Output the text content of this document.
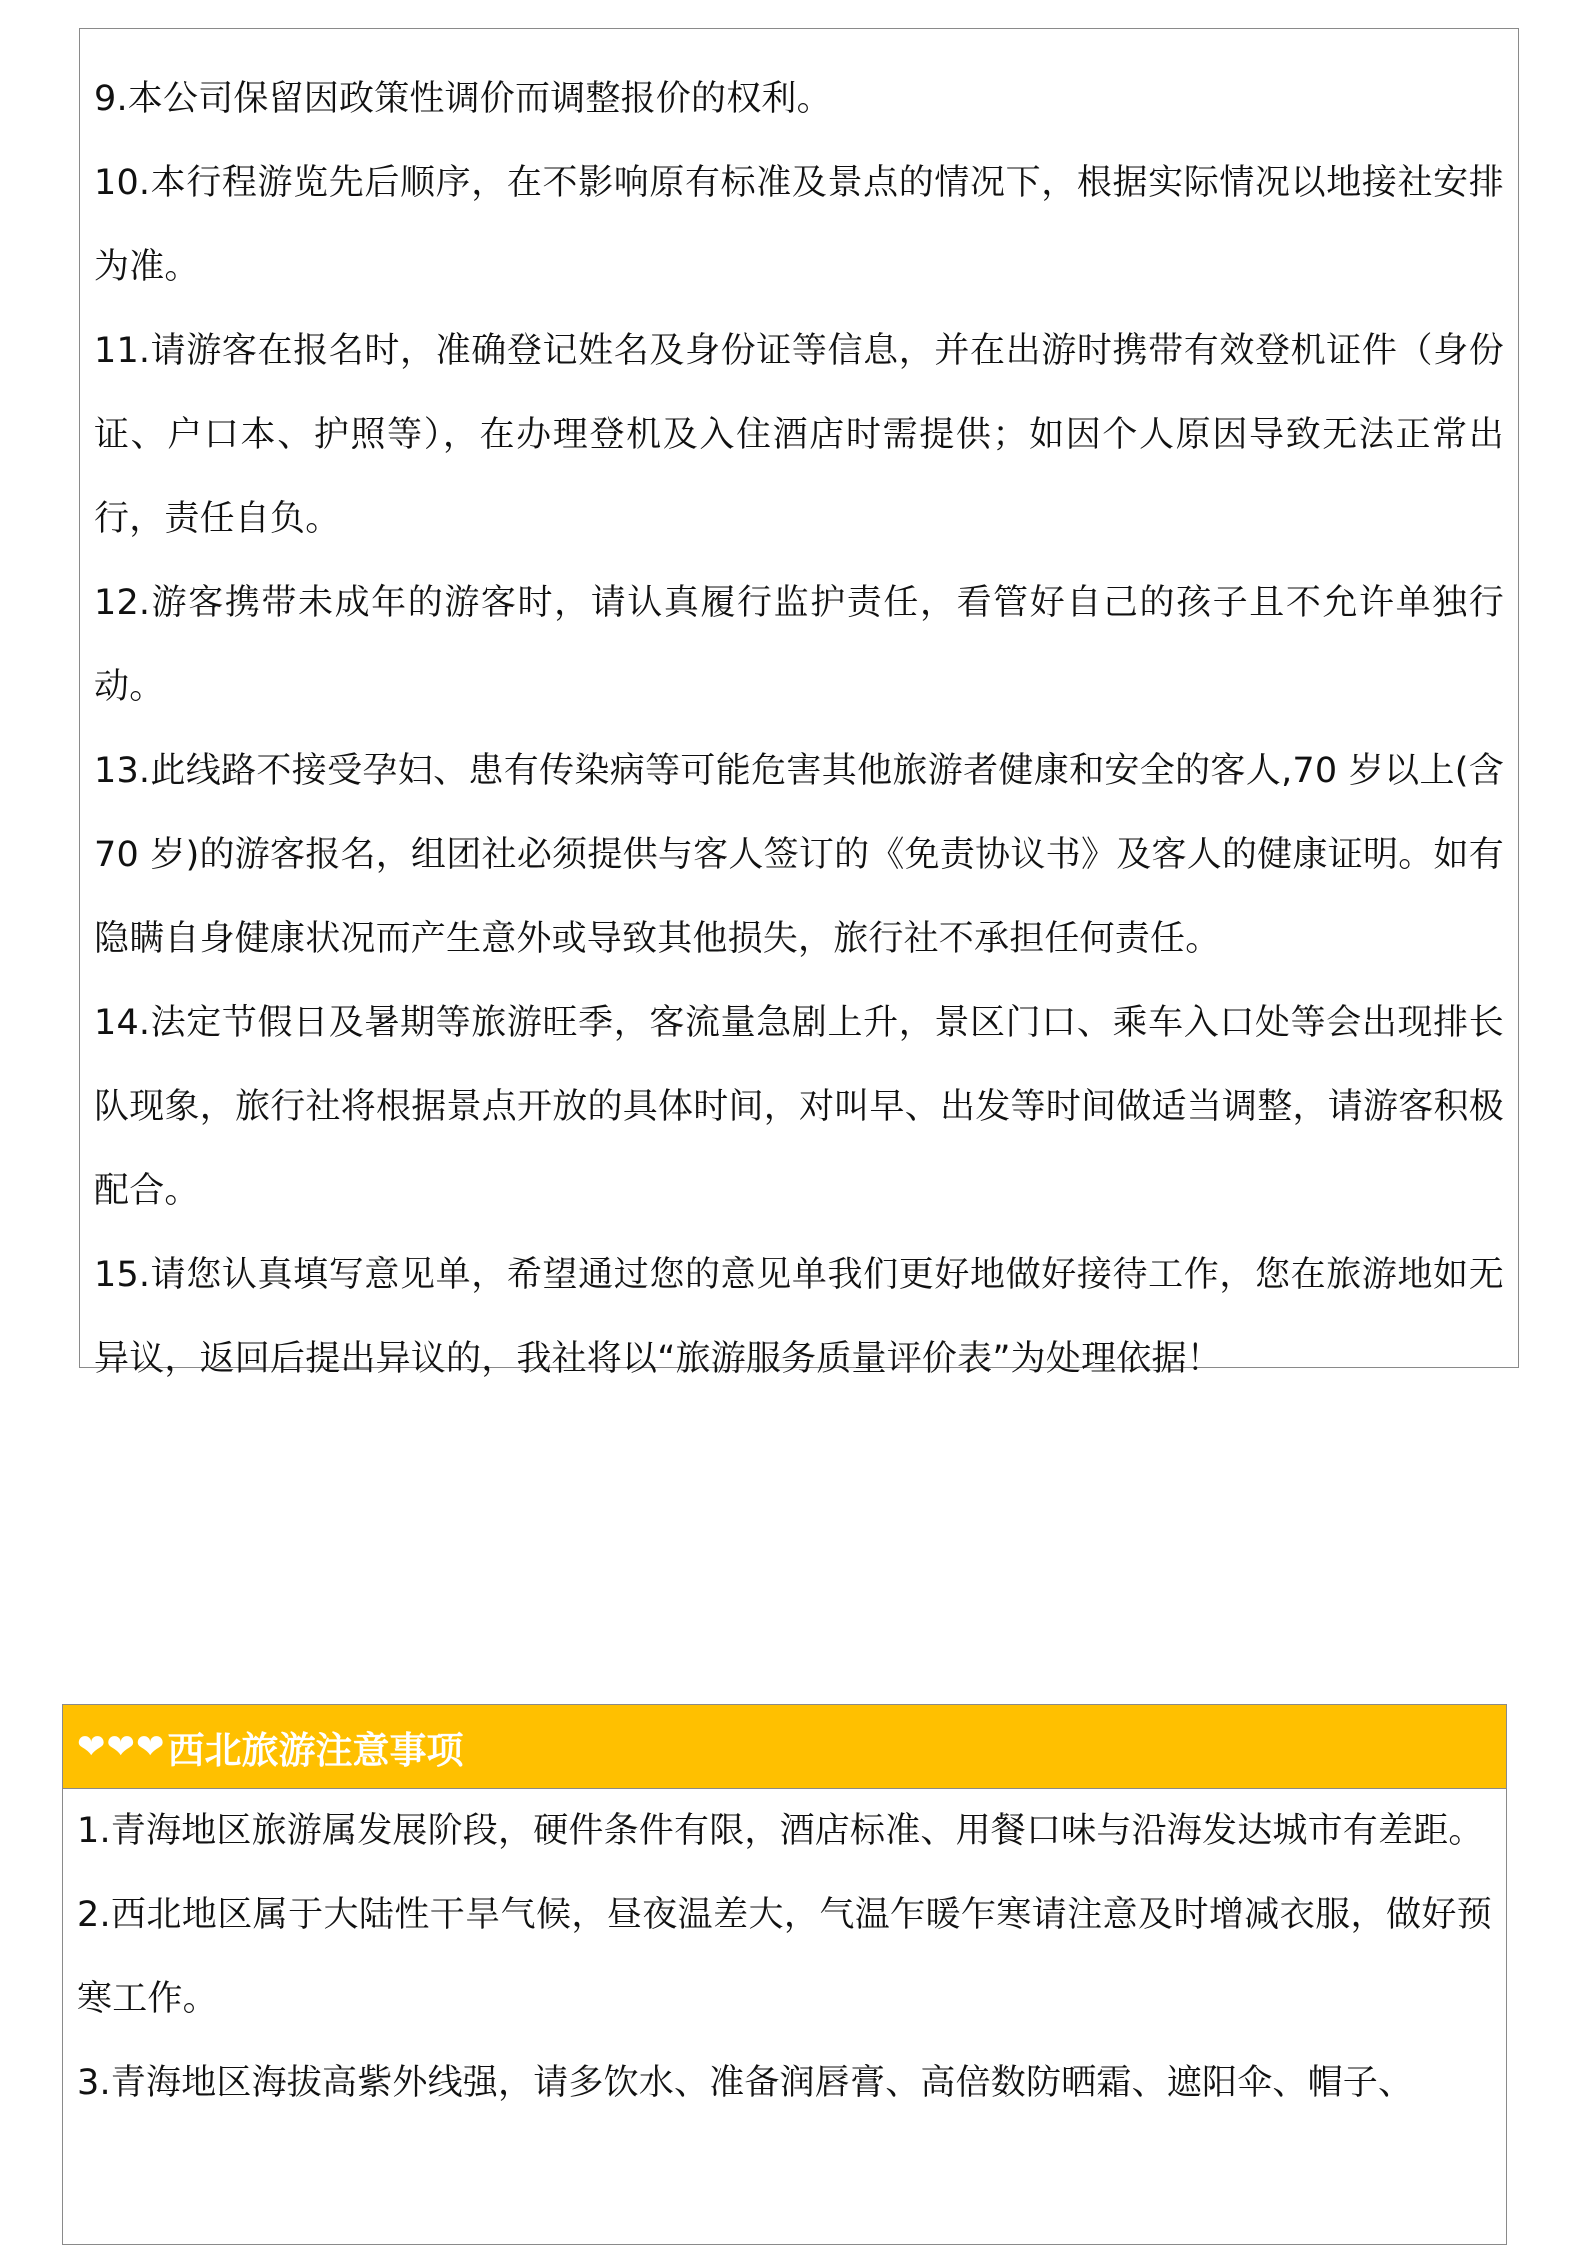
9.本公司保留因政策性调价而调整报价的权利。

10.本行程游览先后顺序，在不影响原有标准及景点的情况下，根据实际情况以地接社安排为准。

11.请游客在报名时，准确登记姓名及身份证等信息，并在出游时携带有效登机证件（身份证、户口本、护照等），在办理登机及入住酒店时需提供；如因个人原因导致无法正常出行，责任自负。

12.游客携带未成年的游客时，请认真履行监护责任，看管好自己的孩子且不允许单独行动。

13.此线路不接受孕妇、患有传染病等可能危害其他旅游者健康和安全的客人,70 岁以上(含 70 岁)的游客报名，组团社必须提供与客人签订的《免责协议书》及客人的健康证明。如有隐瞒自身健康状况而产生意外或导致其他损失，旅行社不承担任何责任。

14.法定节假日及暑期等旅游旺季，客流量急剧上升，景区门口、乘车入口处等会出现排长队现象，旅行社将根据景点开放的具体时间，对叫早、出发等时间做适当调整，请游客积极配合。

15.请您认真填写意见单，希望通过您的意见单我们更好地做好接待工作，您在旅游地如无异议，返回后提出异议的，我社将以“旅游服务质量评价表”为处理依据！

❤ ❤ ❤ 西北旅游注意事项

1.青海地区旅游属发展阶段，硬件条件有限，酒店标准、用餐口味与沿海发达城市有差距。

2.西北地区属于大陆性干旱气候，昼夜温差大，气温乍暖乍寒请注意及时增减衣服，做好预寒工作。

3.青海地区海拔高紫外线强，请多饮水、准备润唇膏、高倍数防晒霜、遮阳伞、帽子、
